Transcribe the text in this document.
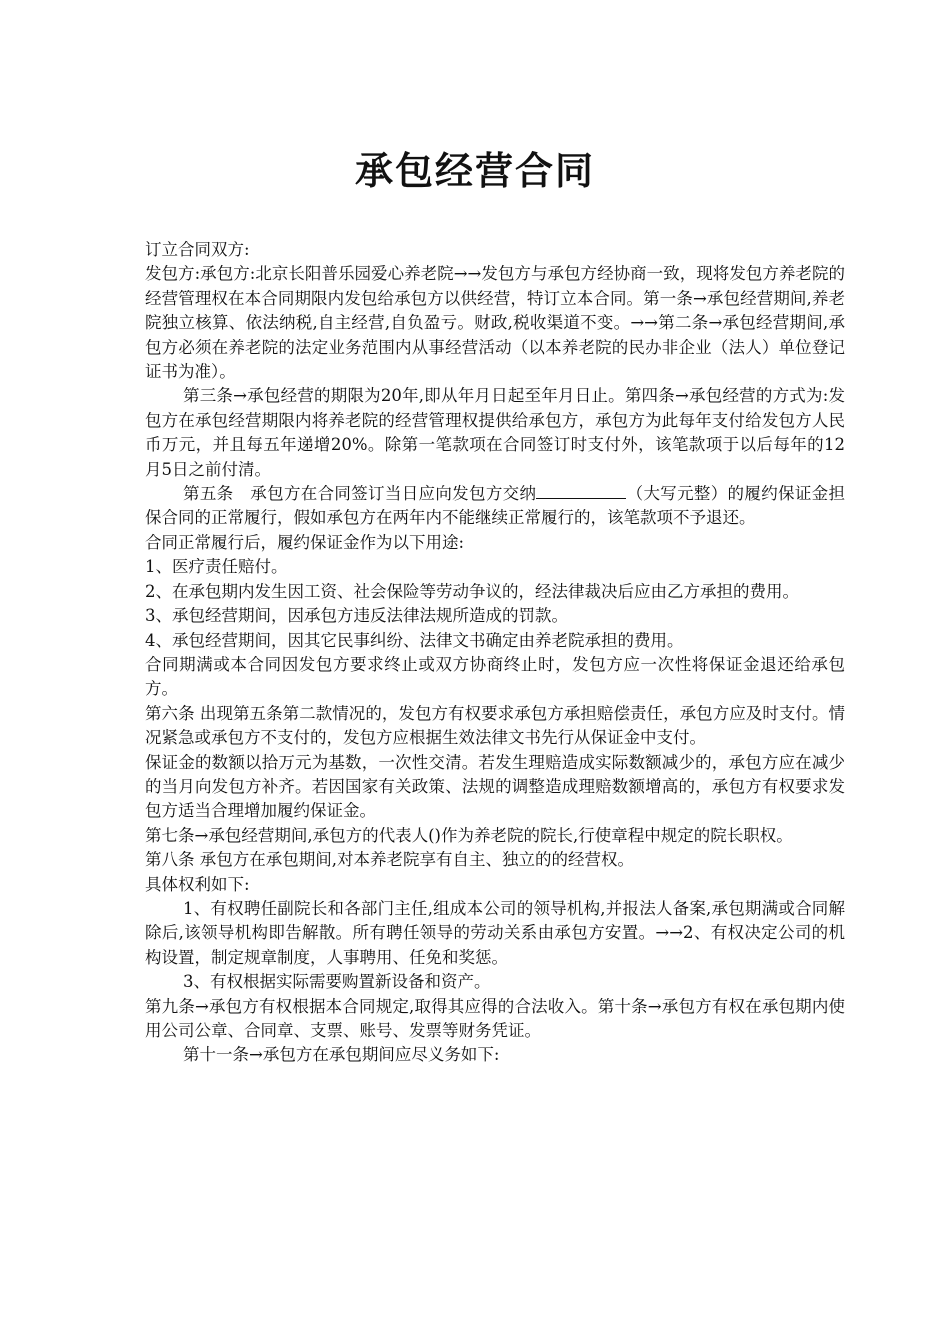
承包经营合同

订立合同双方:

发包方:承包方:北京长阳普乐园爱心养老院→→发包方与承包方经协商一致，现将发包方养老院的经营管理权在本合同期限内发包给承包方以供经营，特订立本合同。第一条→承包经营期间,养老院独立核算、依法纳税,自主经营,自负盈亏。财政,税收渠道不变。→→第二条→承包经营期间,承包方必须在养老院的法定业务范围内从事经营活动（以本养老院的民办非企业（法人）单位登记证书为准）。

第三条→承包经营的期限为20年,即从年月日起至年月日止。第四条→承包经营的方式为:发包方在承包经营期限内将养老院的经营管理权提供给承包方，承包方为此每年支付给发包方人民币万元，并且每五年递增20%。除第一笔款项在合同签订时支付外，该笔款项于以后每年的12月5日之前付清。

第五条　承包方在合同签订当日应向发包方交纳	（大写元整）的履约保证金担保合同的正常履行，假如承包方在两年内不能继续正常履行的，该笔款项不予退还。

合同正常履行后，履约保证金作为以下用途:

1、医疗责任赔付。

2、在承包期内发生因工资、社会保险等劳动争议的，经法律裁决后应由乙方承担的费用。

3、承包经营期间，因承包方违反法律法规所造成的罚款。

4、承包经营期间，因其它民事纠纷、法律文书确定由养老院承担的费用。

合同期满或本合同因发包方要求终止或双方协商终止时，发包方应一次性将保证金退还给承包方。

第六条 出现第五条第二款情况的，发包方有权要求承包方承担赔偿责任，承包方应及时支付。情况紧急或承包方不支付的，发包方应根据生效法律文书先行从保证金中支付。

保证金的数额以拾万元为基数，一次性交清。若发生理赔造成实际数额减少的，承包方应在减少的当月向发包方补齐。若因国家有关政策、法规的调整造成理赔数额增高的，承包方有权要求发包方适当合理增加履约保证金。

第七条→承包经营期间,承包方的代表人()作为养老院的院长,行使章程中规定的院长职权。

第八条 承包方在承包期间,对本养老院享有自主、独立的的经营权。

具体权利如下:

1、有权聘任副院长和各部门主任,组成本公司的领导机构,并报法人备案,承包期满或合同解除后,该领导机构即告解散。所有聘任领导的劳动关系由承包方安置。→→2、有权决定公司的机构设置，制定规章制度，人事聘用、任免和奖惩。

3、有权根据实际需要购置新设备和资产。

第九条→承包方有权根据本合同规定,取得其应得的合法收入。第十条→承包方有权在承包期内使用公司公章、合同章、支票、账号、发票等财务凭证。

第十一条→承包方在承包期间应尽义务如下:
